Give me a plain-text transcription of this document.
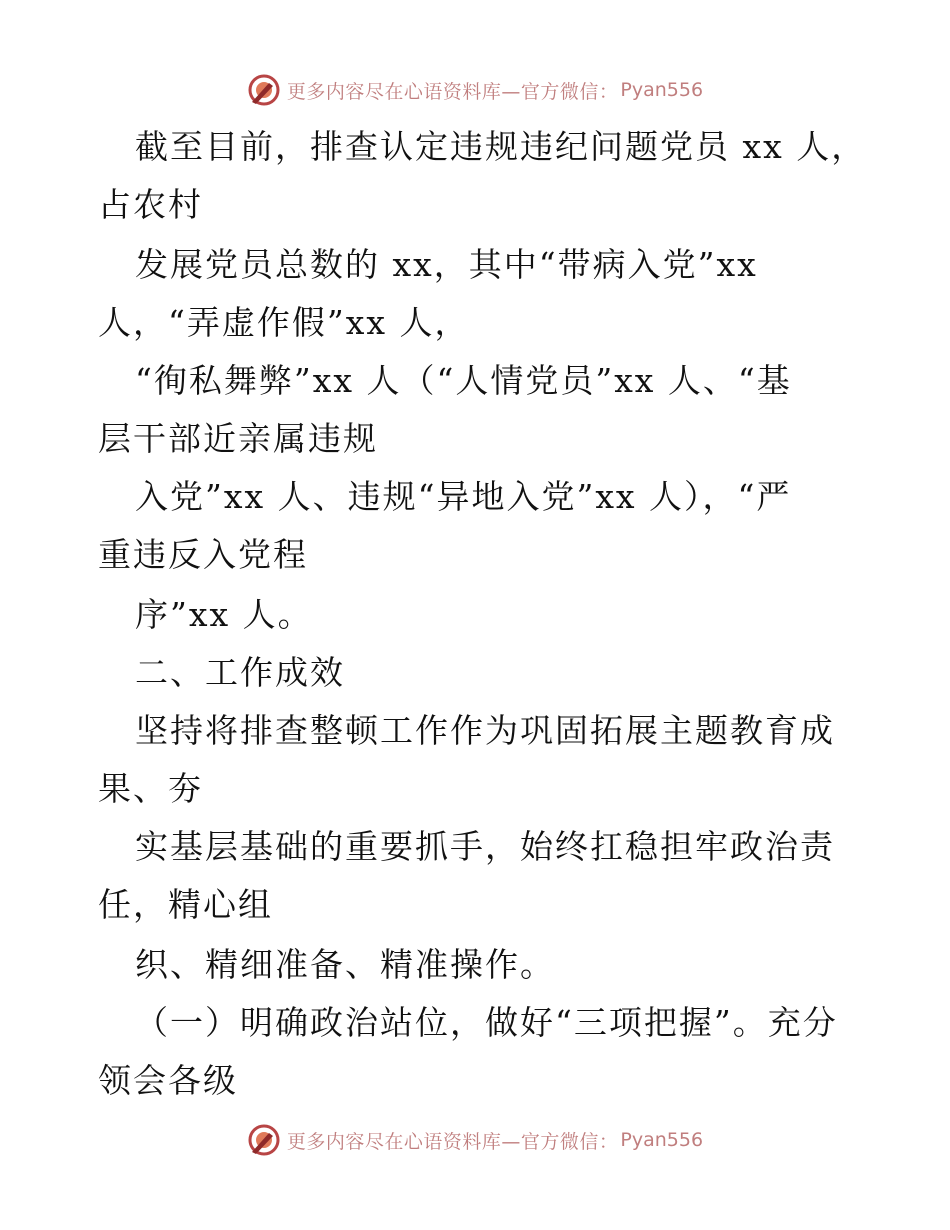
更多内容尽在心语资料库—官方微信： Pyan556
截至目前，排查认定违规违纪问题党员 xx 人，
占农村
发展党员总数的 xx，其中“带病入党”xx
人，“弄虚作假”xx 人，
“徇私舞弊”xx 人（“人情党员”xx 人、“基
层干部近亲属违规
入党”xx 人、违规“异地入党”xx 人），“严
重违反入党程
序”xx 人。
二、工作成效
坚持将排查整顿工作作为巩固拓展主题教育成
果、夯
实基层基础的重要抓手，始终扛稳担牢政治责
任，精心组
织、精细准备、精准操作。
（一）明确政治站位，做好“三项把握”。充分
领会各级
更多内容尽在心语资料库—官方微信： Pyan556
